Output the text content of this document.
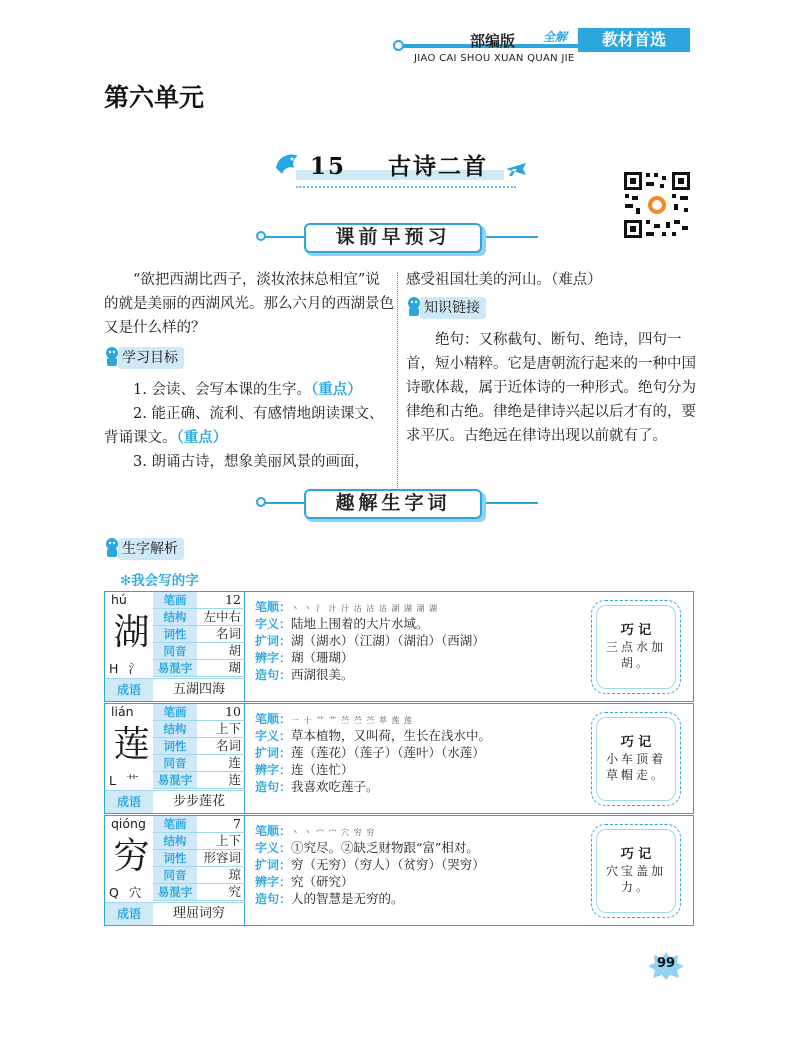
部编版
JIAO CAI SHOU XUAN QUAN JIE
全解	教材首选
第六单元
15 古诗二首
课前早预习
“欲把西湖比西子，淡妆浓抹总相宜”说的就是美丽的西湖风光。那么六月的西湖景色又是什么样的？
学习目标
1. 会读、会写本课的生字。（重点）
2. 能正确、流利、有感情地朗读课文、背诵课文。（重点）
3. 朗诵古诗，想象美丽风景的画面，
感受祖国壮美的河山。（难点）
知识链接
绝句：又称截句、断句、绝诗，四句一首，短小精粹。它是唐朝流行起来的一种中国诗歌体裁，属于近体诗的一种形式。绝句分为律绝和古绝。律绝是律诗兴起以后才有的，要求平仄。古绝远在律诗出现以前就有了。
趣解生字词
生字解析
✻我会写的字
hú
湖
H 氵
笔画	12
结构	左中右
词性	名词
同音	胡
易混字	瑚
成语	五湖四海
笔顺：丶 丶 氵 汁 汁 沽 沽 沽 湖 湖 湖 湖
字义：陆地上围着的大片水域。
扩词：湖（湖水）（江湖）（湖泊）（西湖）
辨字：瑚（珊瑚）
造句：西湖很美。
巧 记
三点水加胡。
lián
莲
L 艹
笔画	10
结构	上下
词性	名词
同音	连
易混字	连
成语	步步莲花
笔顺：一 十 艹 艹 苎 苎 苎 萃 莲 莲
字义：草本植物，又叫荷，生长在浅水中。
扩词：莲（莲花）（莲子）（莲叶）（水莲）
辨字：连（连忙）
造句：我喜欢吃莲子。
巧 记
小车顶着草帽走。
qióng
穷
Q 穴
笔画	7
结构	上下
词性	形容词
同音	琼
易混字	究
成语	理屈词穷
笔顺：丶 丶 宀 宀 穴 穷 穷
字义：①究尽。②缺乏财物跟“富”相对。
扩词：穷（无穷）（穷人）（贫穷）（哭穷）
辨字：究（研究）
造句：人的智慧是无穷的。
巧 记
穴宝盖加力。
99
